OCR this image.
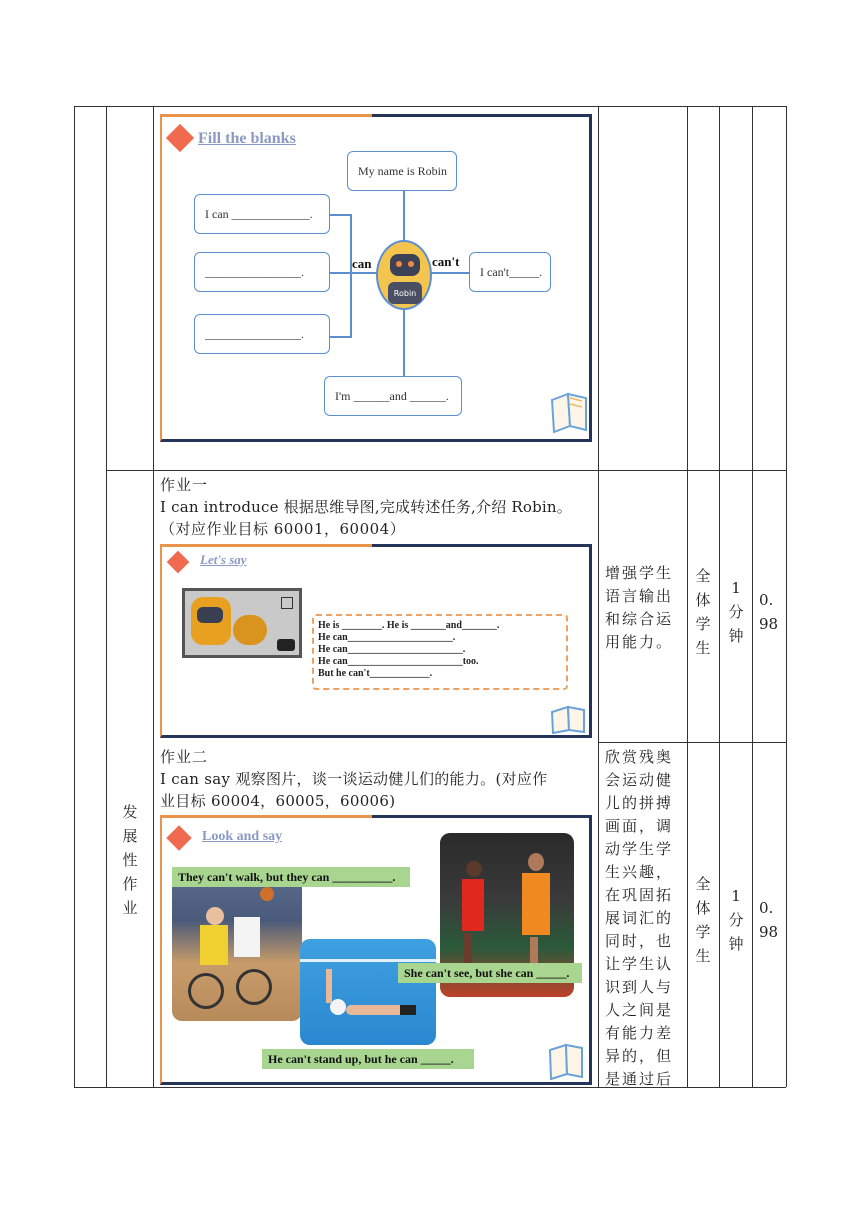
Fill the blanks
My name is Robin
I can _____________.
________________.
________________.
I can't_____.
I'm ______and ______.
can	can't
Robin
作业一
I can introduce 根据思维导图,完成转述任务,介绍 Robin。
（对应作业目标 60001，60004）
Let's say
He is ________. He is _______and_______.
He can_____________________.
He can_______________________.
He can_______________________too.
But he can't____________.
增强学生
语言输出
和综合运
用能力。
全
体
学
生
1
分
钟
0.
98
作业二
I can say 观察图片，谈一谈运动健儿们的能力。(对应作
业目标 60004，60005，60006)
Look and say
They can't walk, but they can __________.
She can't see, but she can _____.
He can't stand up, but he can _____.
欣赏残奥
会运动健
儿的拼搏
画面，调
动学生学
生兴趣，
在巩固拓
展词汇的
同时，也
让学生认
识到人与
人之间是
有能力差
异的，但
是通过后
全
体
学
生
1
分
钟
0.
98
发
展
性
作
业
